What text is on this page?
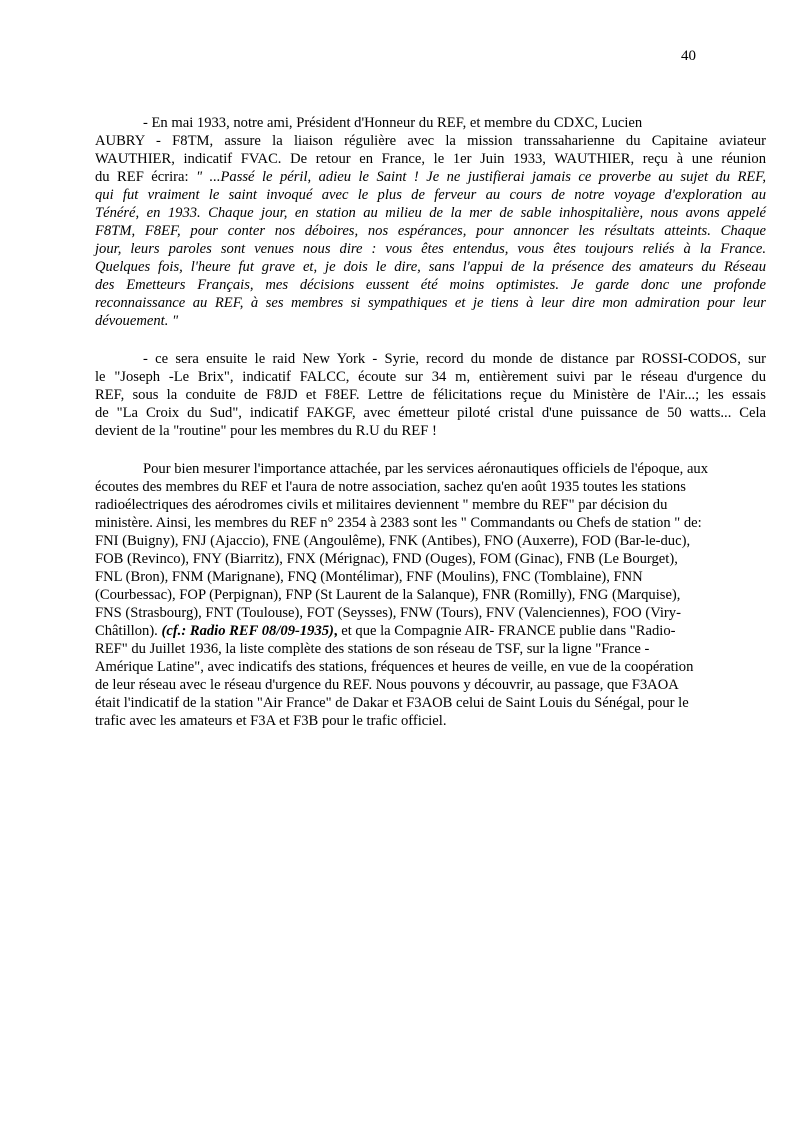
40
- En mai 1933, notre ami, Président d'Honneur du REF, et membre du CDXC, Lucien
AUBRY - F8TM, assure la liaison régulière avec la mission transsaharienne du Capitaine aviateur
WAUTHIER, indicatif FVAC. De retour en France, le 1er Juin 1933, WAUTHIER, reçu à une réunion
du REF écrira: " ...Passé le péril, adieu le Saint ! Je ne justifierai jamais ce proverbe au sujet du REF,
qui fut vraiment le saint invoqué avec le plus de ferveur au cours de notre voyage d'exploration au
Ténéré, en 1933. Chaque jour, en station au milieu de la mer de sable inhospitalière, nous avons appelé
F8TM, F8EF, pour conter nos déboires, nos espérances, pour annoncer les résultats atteints. Chaque
jour, leurs paroles sont venues nous dire : vous êtes entendus, vous êtes toujours reliés à la France.
Quelques fois, l'heure fut grave et, je dois le dire, sans l'appui de la présence des amateurs du Réseau
des Emetteurs Français, mes décisions eussent été moins optimistes. Je garde donc une profonde
reconnaissance au REF, à ses membres si sympathiques et je tiens à leur dire mon admiration pour leur
dévouement. "
- ce sera ensuite le raid New York - Syrie, record du monde de distance par ROSSI-CODOS, sur
le "Joseph -Le Brix", indicatif FALCC, écoute sur 34 m, entièrement suivi par le réseau d'urgence du
REF, sous la conduite de F8JD et F8EF. Lettre de félicitations reçue du Ministère de l'Air...; les essais
de "La Croix du Sud", indicatif FAKGF, avec émetteur piloté cristal d'une puissance de 50 watts... Cela
devient de la "routine" pour les membres du R.U du REF !
Pour bien mesurer l'importance attachée, par les services aéronautiques officiels de l'époque, aux
écoutes des membres du REF et l'aura de notre association, sachez qu'en août 1935 toutes les stations
radioélectriques des aérodromes civils et militaires deviennent " membre du REF" par décision du
ministère. Ainsi, les membres du REF n° 2354 à 2383 sont les " Commandants ou Chefs de station " de:
FNI (Buigny), FNJ (Ajaccio), FNE (Angoulême), FNK (Antibes), FNO (Auxerre), FOD (Bar-le-duc),
FOB (Revinco), FNY (Biarritz), FNX (Mérignac), FND (Ouges), FOM (Ginac), FNB (Le Bourget),
FNL (Bron), FNM (Marignane), FNQ (Montélimar), FNF (Moulins), FNC (Tomblaine), FNN
(Courbessac), FOP (Perpignan), FNP (St Laurent de la Salanque), FNR (Romilly), FNG (Marquise),
FNS (Strasbourg), FNT (Toulouse), FOT (Seysses), FNW (Tours), FNV (Valenciennes), FOO (Viry-
Châtillon). (cf.: Radio REF 08/09-1935), et que la Compagnie AIR- FRANCE publie dans "Radio-
REF" du Juillet 1936, la liste complète des stations de son réseau de TSF, sur la ligne "France -
Amérique Latine", avec indicatifs des stations, fréquences et heures de veille, en vue de la coopération
de leur réseau avec le réseau d'urgence du REF. Nous pouvons y découvrir, au passage, que F3AOA
était l'indicatif de la station "Air France" de Dakar et F3AOB celui de Saint Louis du Sénégal, pour le
trafic avec les amateurs et F3A et F3B pour le trafic officiel.
